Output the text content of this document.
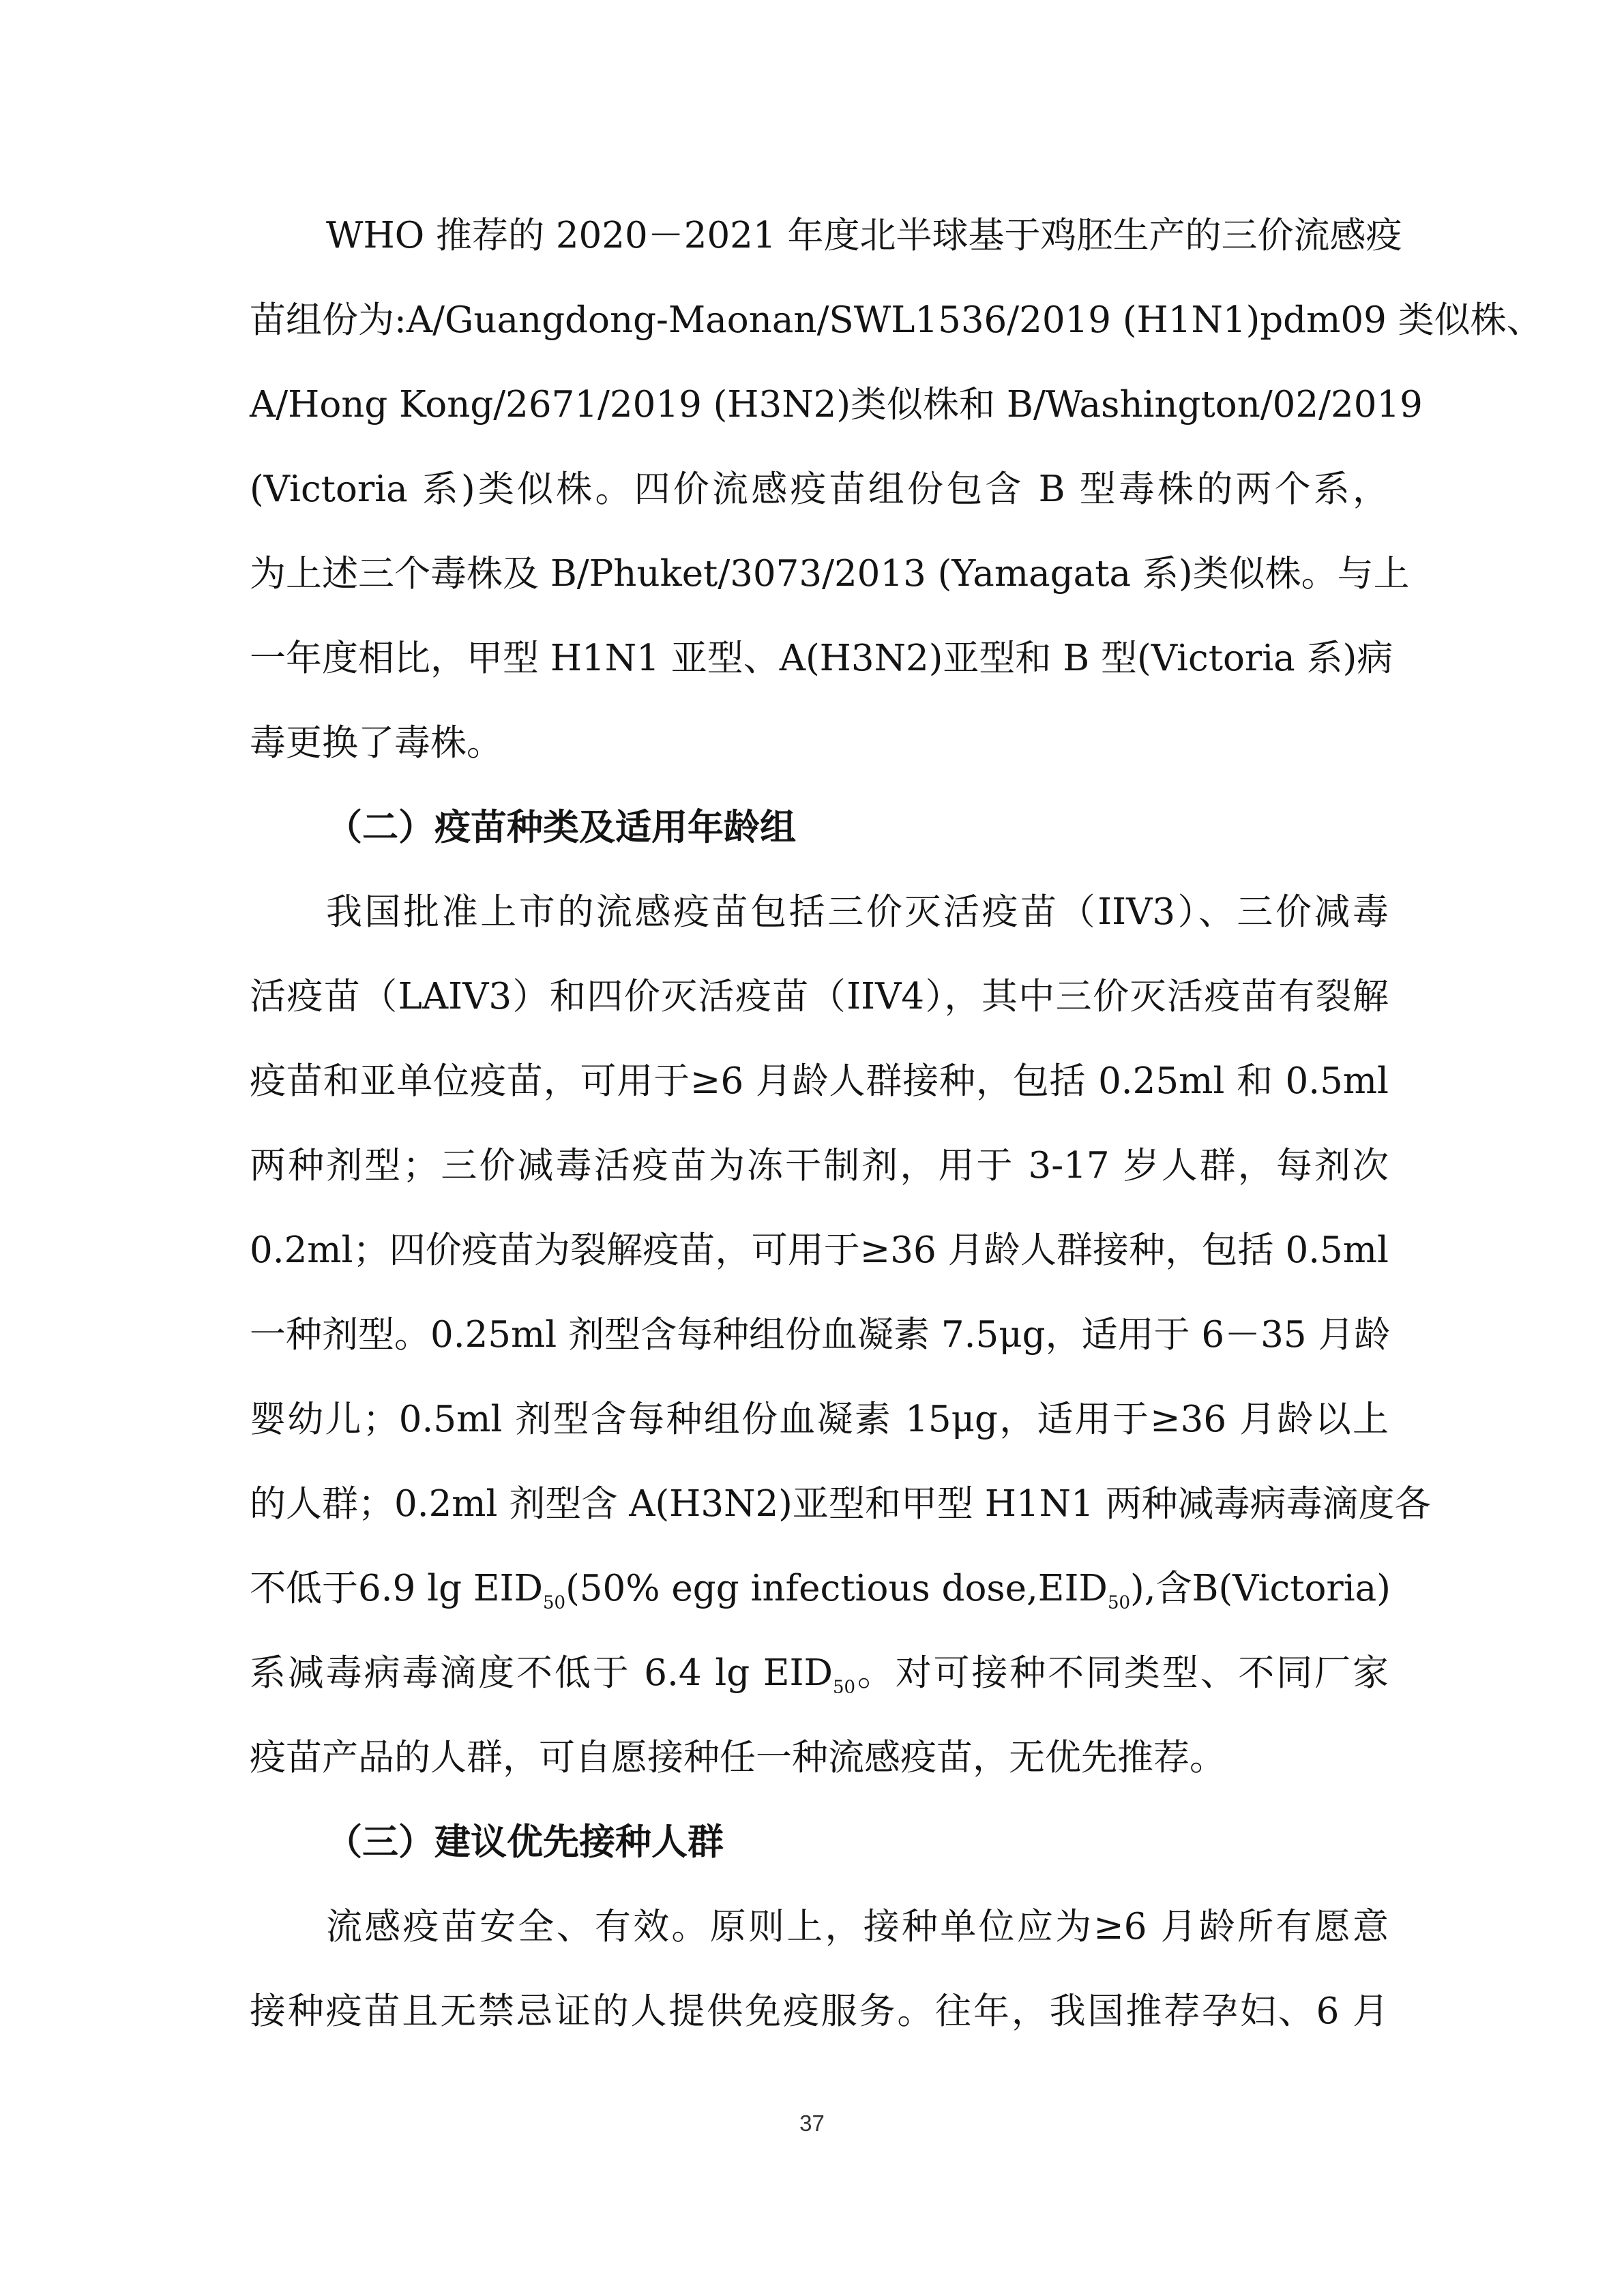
WHO 推荐的 2020－2021 年度北半球基于鸡胚生产的三价流感疫
苗组份为:A/Guangdong-Maonan/SWL1536/2019 (H1N1)pdm09 类似株、
A/Hong Kong/2671/2019 (H3N2)类似株和 B/Washington/02/2019
(Victoria 系)类似株。四价流感疫苗组份包含 B 型毒株的两个系，
为上述三个毒株及 B/Phuket/3073/2013 (Yamagata 系)类似株。与上
一年度相比，甲型 H1N1 亚型、A(H3N2)亚型和 B 型(Victoria 系)病
毒更换了毒株。
（二）疫苗种类及适用年龄组
我国批准上市的流感疫苗包括三价灭活疫苗（IIV3）、三价减毒
活疫苗（LAIV3）和四价灭活疫苗（IIV4），其中三价灭活疫苗有裂解
疫苗和亚单位疫苗，可用于≥6 月龄人群接种，包括 0.25ml 和 0.5ml
两种剂型；三价减毒活疫苗为冻干制剂，用于 3-17 岁人群，每剂次
0.2ml；四价疫苗为裂解疫苗，可用于≥36 月龄人群接种，包括 0.5ml
一种剂型。0.25ml 剂型含每种组份血凝素 7.5μg，适用于 6－35 月龄
婴幼儿；0.5ml 剂型含每种组份血凝素 15μg，适用于≥36 月龄以上
的人群；0.2ml 剂型含 A(H3N2)亚型和甲型 H1N1 两种减毒病毒滴度各
不低于6.9 $\lg EID_{50}(50\%$ egg infectious $dose,EID_{50}$),含B(Victoria)
系减毒病毒滴度不低于 6.4 $\lg EID_{50}$。对可接种不同类型、不同厂家
疫苗产品的人群，可自愿接种任一种流感疫苗，无优先推荐。
（三）建议优先接种人群
流感疫苗安全、有效。原则上，接种单位应为≥6 月龄所有愿意
接种疫苗且无禁忌证的人提供免疫服务。往年，我国推荐孕妇、6 月
37
